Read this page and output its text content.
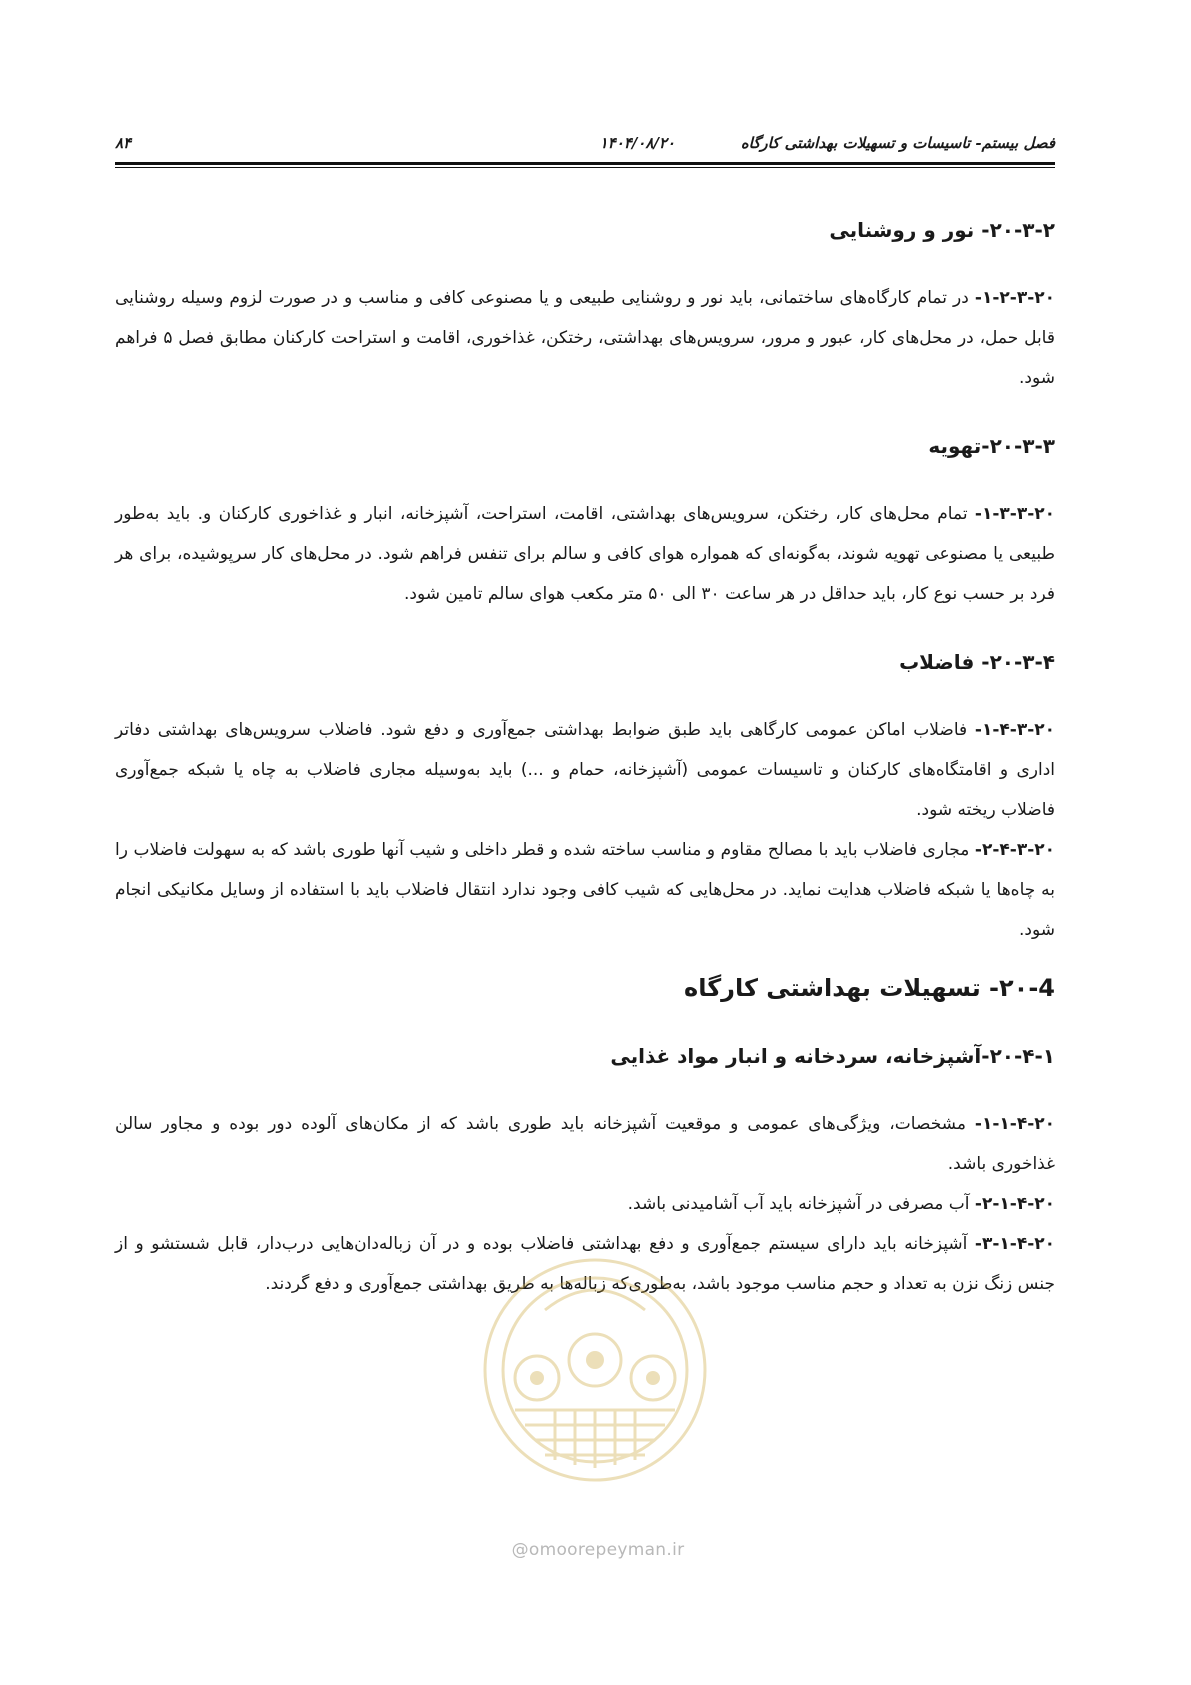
فصل بیستم- تاسیسات و تسهیلات بهداشتی کارگاه
۱۴۰۴/۰۸/۲۰
۸۴

۲۰-۳-۲- نور و روشنایی

۱-۲-۳-۲۰- در تمام کارگاه‌های ساختمانی، باید نور و روشنایی طبیعی و یا مصنوعی کافی و مناسب و در صورت لزوم وسیله روشنایی قابل حمل، در محل‌های کار، عبور و مرور، سرویس‌های بهداشتی، رختکن، غذاخوری، اقامت و استراحت کارکنان مطابق فصل ۵ فراهم شود.

۲۰-۳-۳-تهویه

۱-۳-۳-۲۰- تمام محل‌های کار، رختکن، سرویس‌های بهداشتی، اقامت، استراحت، آشپزخانه، انبار و غذاخوری کارکنان و. باید به‌طور طبیعی یا مصنوعی تهویه شوند، به‌گونه‌ای که همواره هوای کافی و سالم برای تنفس فراهم شود. در محل‌های کار سرپوشیده، برای هر فرد بر حسب نوع کار، باید حداقل در هر ساعت ۳۰ الی ۵۰ متر مکعب هوای سالم تامین شود.

۲۰-۳-۴- فاضلاب

۱-۴-۳-۲۰- فاضلاب اماکن عمومی کارگاهی باید طبق ضوابط بهداشتی جمع‌آوری و دفع شود. فاضلاب سرویس‌های بهداشتی دفاتر اداری و اقامتگاه‌های کارکنان و تاسیسات عمومی (آشپزخانه، حمام و ...) باید به‌وسیله مجاری فاضلاب به چاه یا شبکه جمع‌آوری فاضلاب ریخته شود.

۲-۴-۳-۲۰- مجاری فاضلاب باید با مصالح مقاوم و مناسب ساخته شده و قطر داخلی و شیب آنها طوری باشد که به سهولت فاضلاب را به چاه‌ها یا شبکه فاضلاب هدایت نماید. در محل‌هایی که شیب کافی وجود ندارد انتقال فاضلاب باید با استفاده از وسایل مکانیکی انجام شود.

۲۰-4- تسهیلات بهداشتی کارگاه

۲۰-۴-۱-آشپزخانه، سردخانه و انبار مواد غذایی

۱-۱-۴-۲۰- مشخصات، ویژگی‌های عمومی و موقعیت آشپزخانه باید طوری باشد که از مکان‌های آلوده دور بوده و مجاور سالن غذاخوری باشد.

۲-۱-۴-۲۰- آب مصرفی در آشپزخانه باید آب آشامیدنی باشد.

۳-۱-۴-۲۰- آشپزخانه باید دارای سیستم جمع‌آوری و دفع بهداشتی فاضلاب بوده و در آن زباله‌دان‌هایی درب‌دار، قابل شستشو و از جنس زنگ نزن به تعداد و حجم مناسب موجود باشد، به‌طوری‌که زباله‌ها به طریق بهداشتی جمع‌آوری و دفع گردند.

@omoorepeyman.ir
